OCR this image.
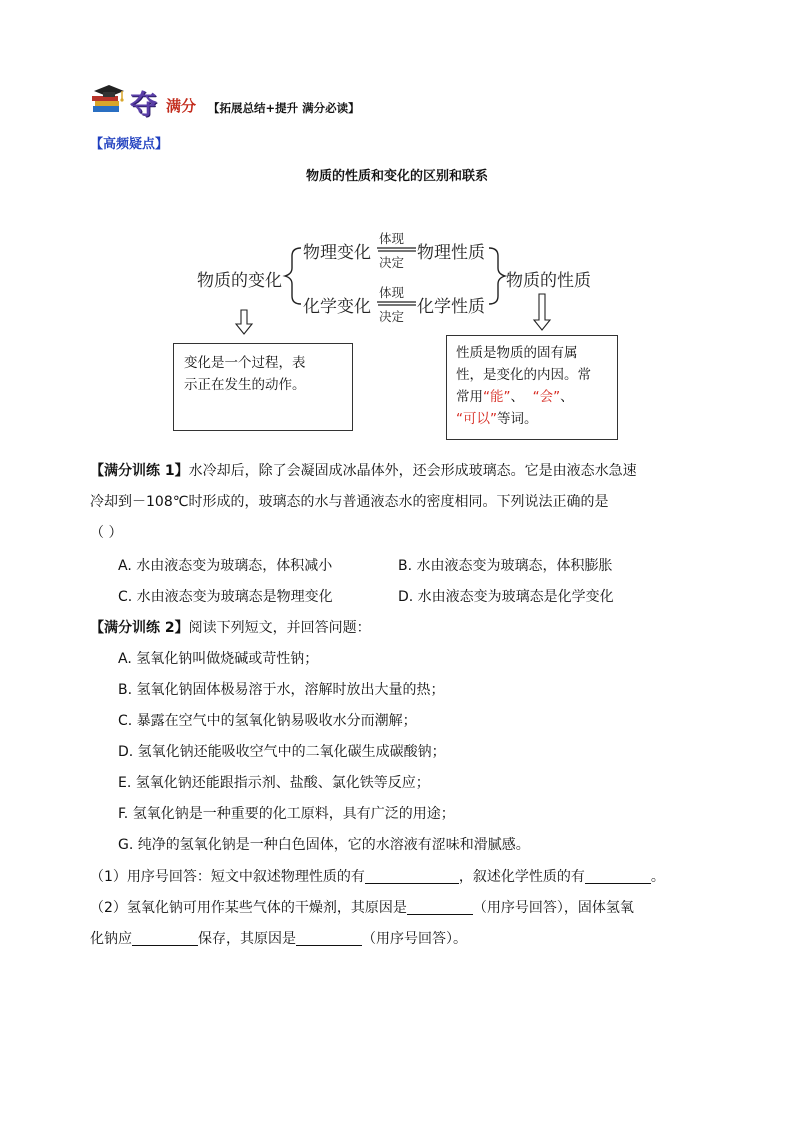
夺 满分 【拓展总结+提升 满分必读】
【高频疑点】
物质的性质和变化的区别和联系
物质的变化
物理变化
化学变化
体现
决定
体现
决定
物理性质
化学性质
物质的性质
变化是一个过程，表
示正在发生的动作。
性质是物质的固有属
性，是变化的内因。常
常用“能”、 “会”、
“可以”等词。
【满分训练 1】水冷却后，除了会凝固成冰晶体外，还会形成玻璃态。它是由液态水急速
冷却到－108℃时形成的，玻璃态的水与普通液态水的密度相同。下列说法正确的是
（ ）
A. 水由液态变为玻璃态，体积减小	B. 水由液态变为玻璃态，体积膨胀
C. 水由液态变为玻璃态是物理变化	D. 水由液态变为玻璃态是化学变化
【满分训练 2】阅读下列短文，并回答问题：
A. 氢氧化钠叫做烧碱或苛性钠；
B. 氢氧化钠固体极易溶于水，溶解时放出大量的热；
C. 暴露在空气中的氢氧化钠易吸收水分而潮解；
D. 氢氧化钠还能吸收空气中的二氧化碳生成碳酸钠；
E. 氢氧化钠还能跟指示剂、盐酸、氯化铁等反应；
F. 氢氧化钠是一种重要的化工原料，具有广泛的用途；
G. 纯净的氢氧化钠是一种白色固体，它的水溶液有涩味和滑腻感。
（1）用序号回答：短文中叙述物理性质的有	，叙述化学性质的有	。
（2）氢氧化钠可用作某些气体的干燥剂，其原因是	（用序号回答），固体氢氧
化钠应	保存，其原因是	（用序号回答）。
